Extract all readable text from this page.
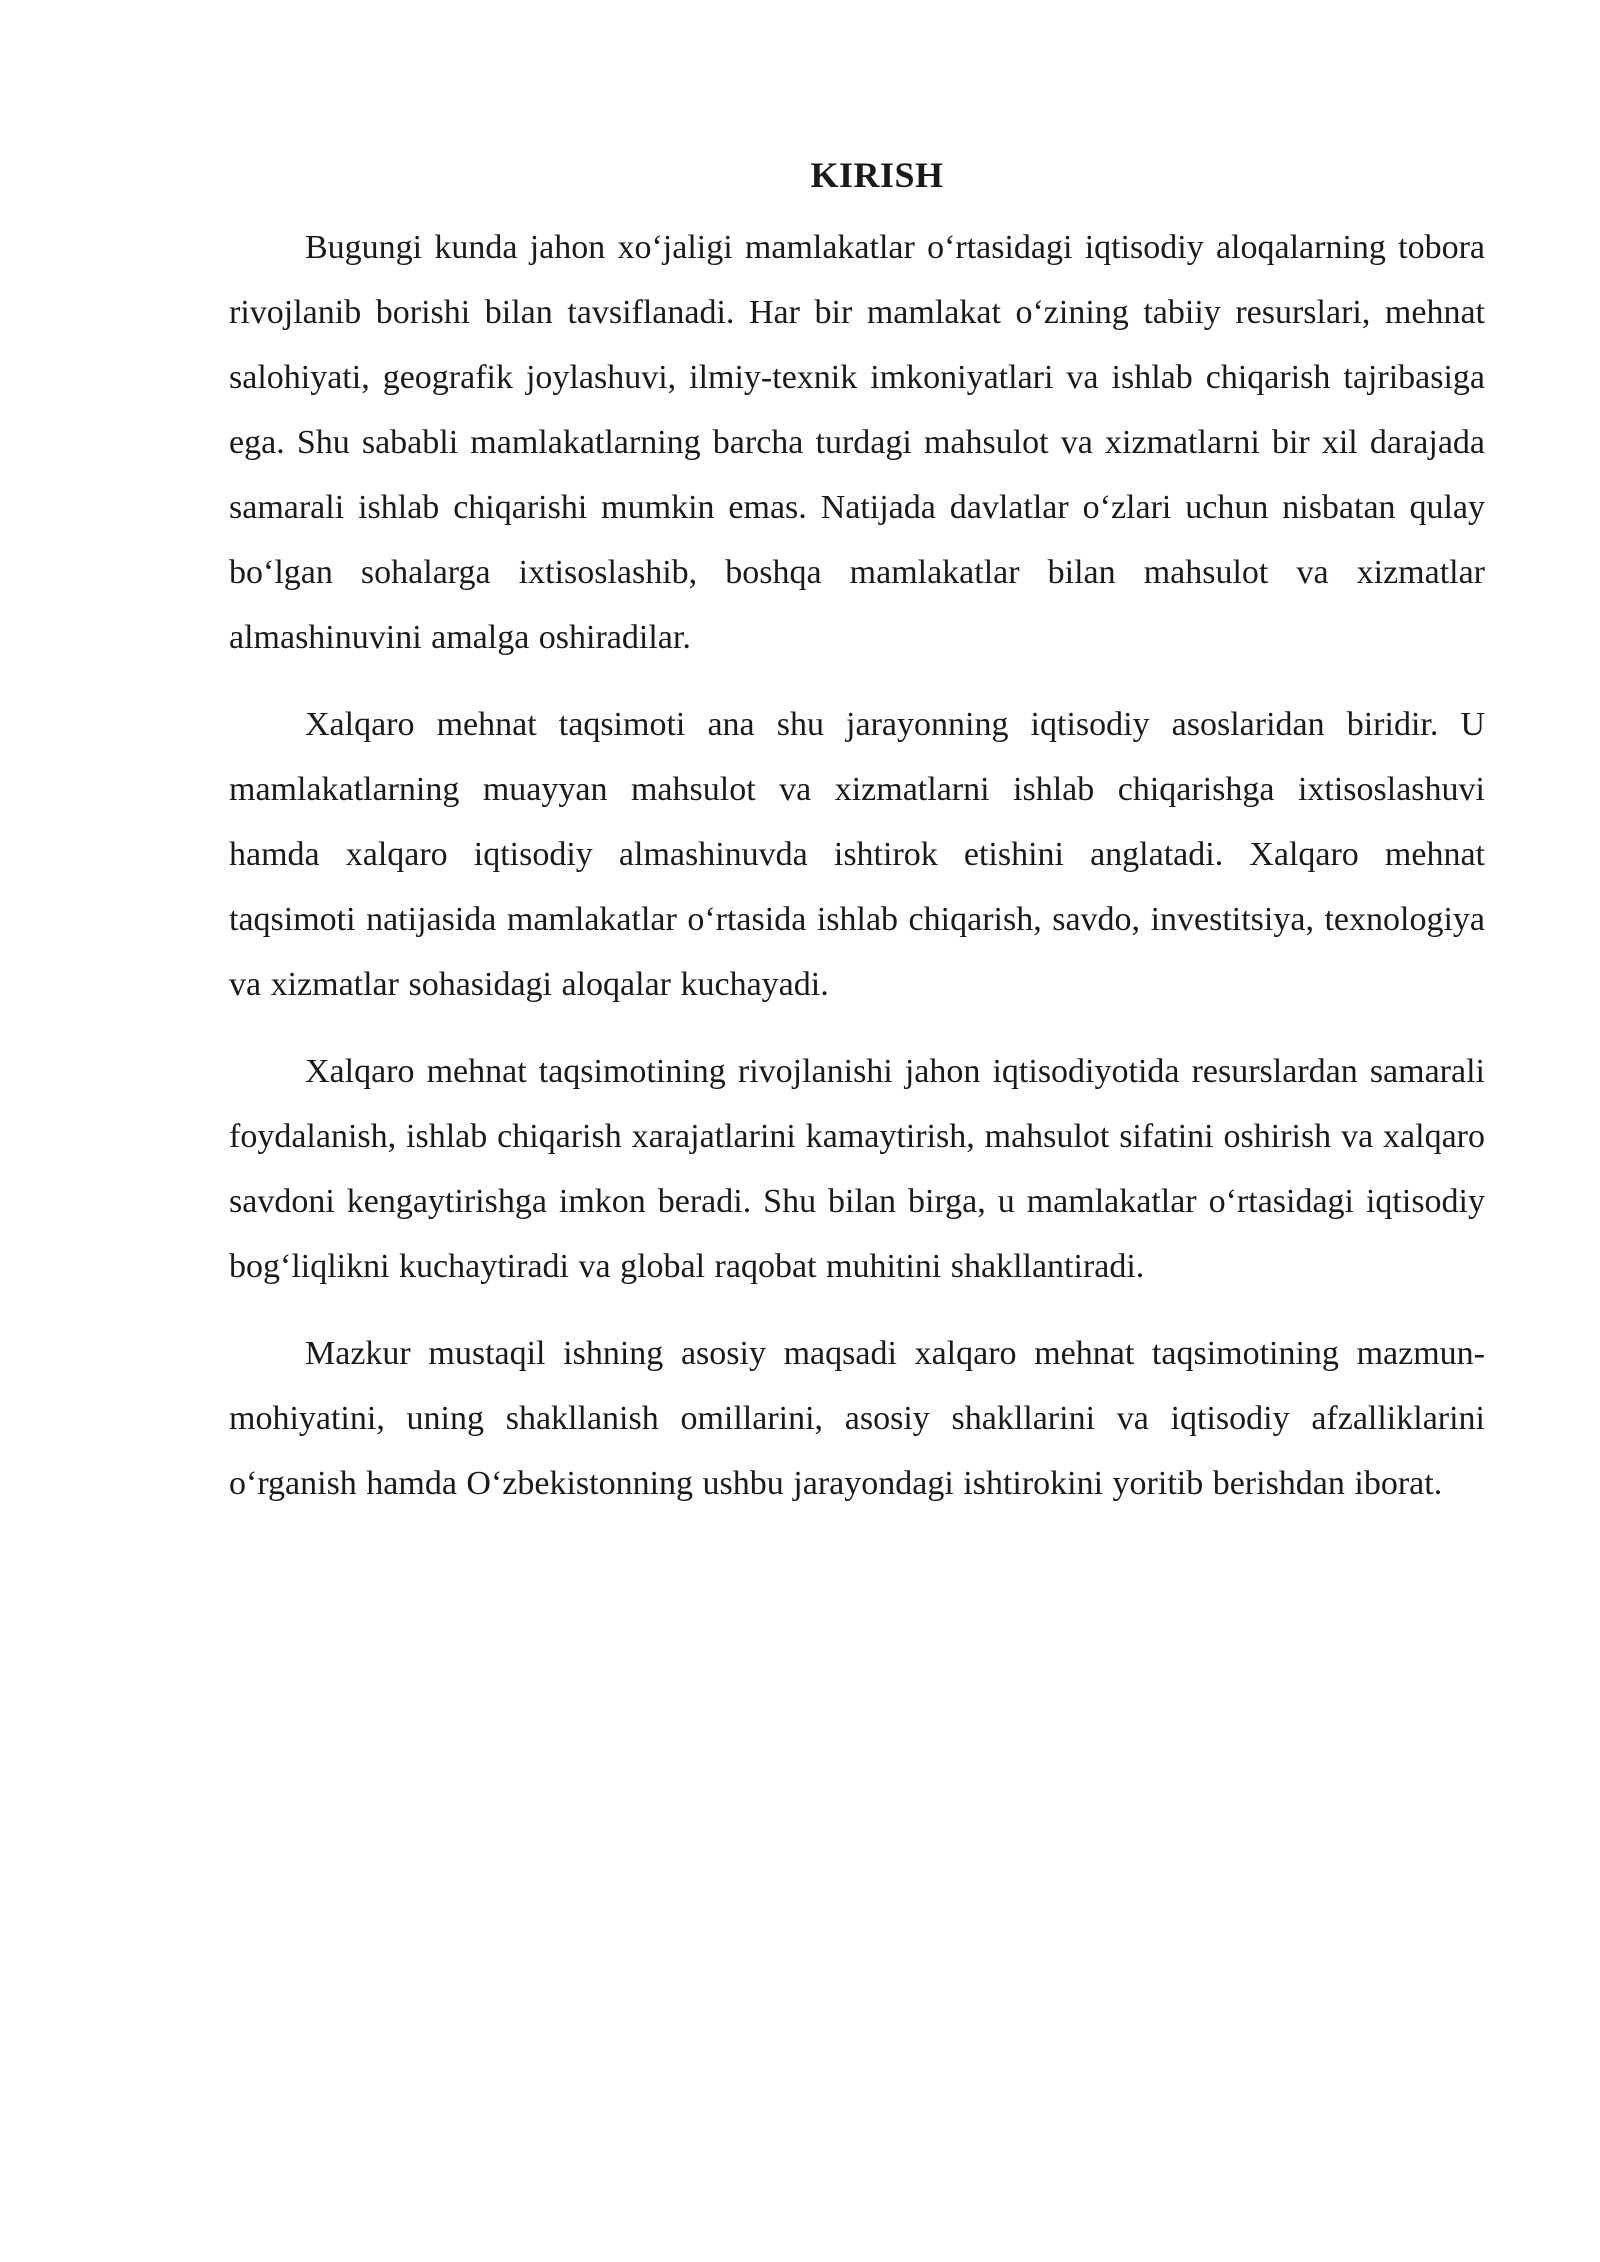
KIRISH

Bugungi kunda jahon xo‘jaligi mamlakatlar o‘rtasidagi iqtisodiy aloqalarning tobora rivojlanib borishi bilan tavsiflanadi. Har bir mamlakat o‘zining tabiiy resurslari, mehnat salohiyati, geografik joylashuvi, ilmiy-texnik imkoniyatlari va ishlab chiqarish tajribasiga ega. Shu sababli mamlakatlarning barcha turdagi mahsulot va xizmatlarni bir xil darajada samarali ishlab chiqarishi mumkin emas. Natijada davlatlar o‘zlari uchun nisbatan qulay bo‘lgan sohalarga ixtisoslashib, boshqa mamlakatlar bilan mahsulot va xizmatlar almashinuvini amalga oshiradilar.

Xalqaro mehnat taqsimoti ana shu jarayonning iqtisodiy asoslaridan biridir. U mamlakatlarning muayyan mahsulot va xizmatlarni ishlab chiqarishga ixtisoslashuvi hamda xalqaro iqtisodiy almashinuvda ishtirok etishini anglatadi. Xalqaro mehnat taqsimoti natijasida mamlakatlar o‘rtasida ishlab chiqarish, savdo, investitsiya, texnologiya va xizmatlar sohasidagi aloqalar kuchayadi.

Xalqaro mehnat taqsimotining rivojlanishi jahon iqtisodiyotida resurslardan samarali foydalanish, ishlab chiqarish xarajatlarini kamaytirish, mahsulot sifatini oshirish va xalqaro savdoni kengaytirishga imkon beradi. Shu bilan birga, u mamlakatlar o‘rtasidagi iqtisodiy bog‘liqlikni kuchaytiradi va global raqobat muhitini shakllantiradi.

Mazkur mustaqil ishning asosiy maqsadi xalqaro mehnat taqsimotining mazmun-mohiyatini, uning shakllanish omillarini, asosiy shakllarini va iqtisodiy afzalliklarini o‘rganish hamda O‘zbekistonning ushbu jarayondagi ishtirokini yoritib berishdan iborat.
